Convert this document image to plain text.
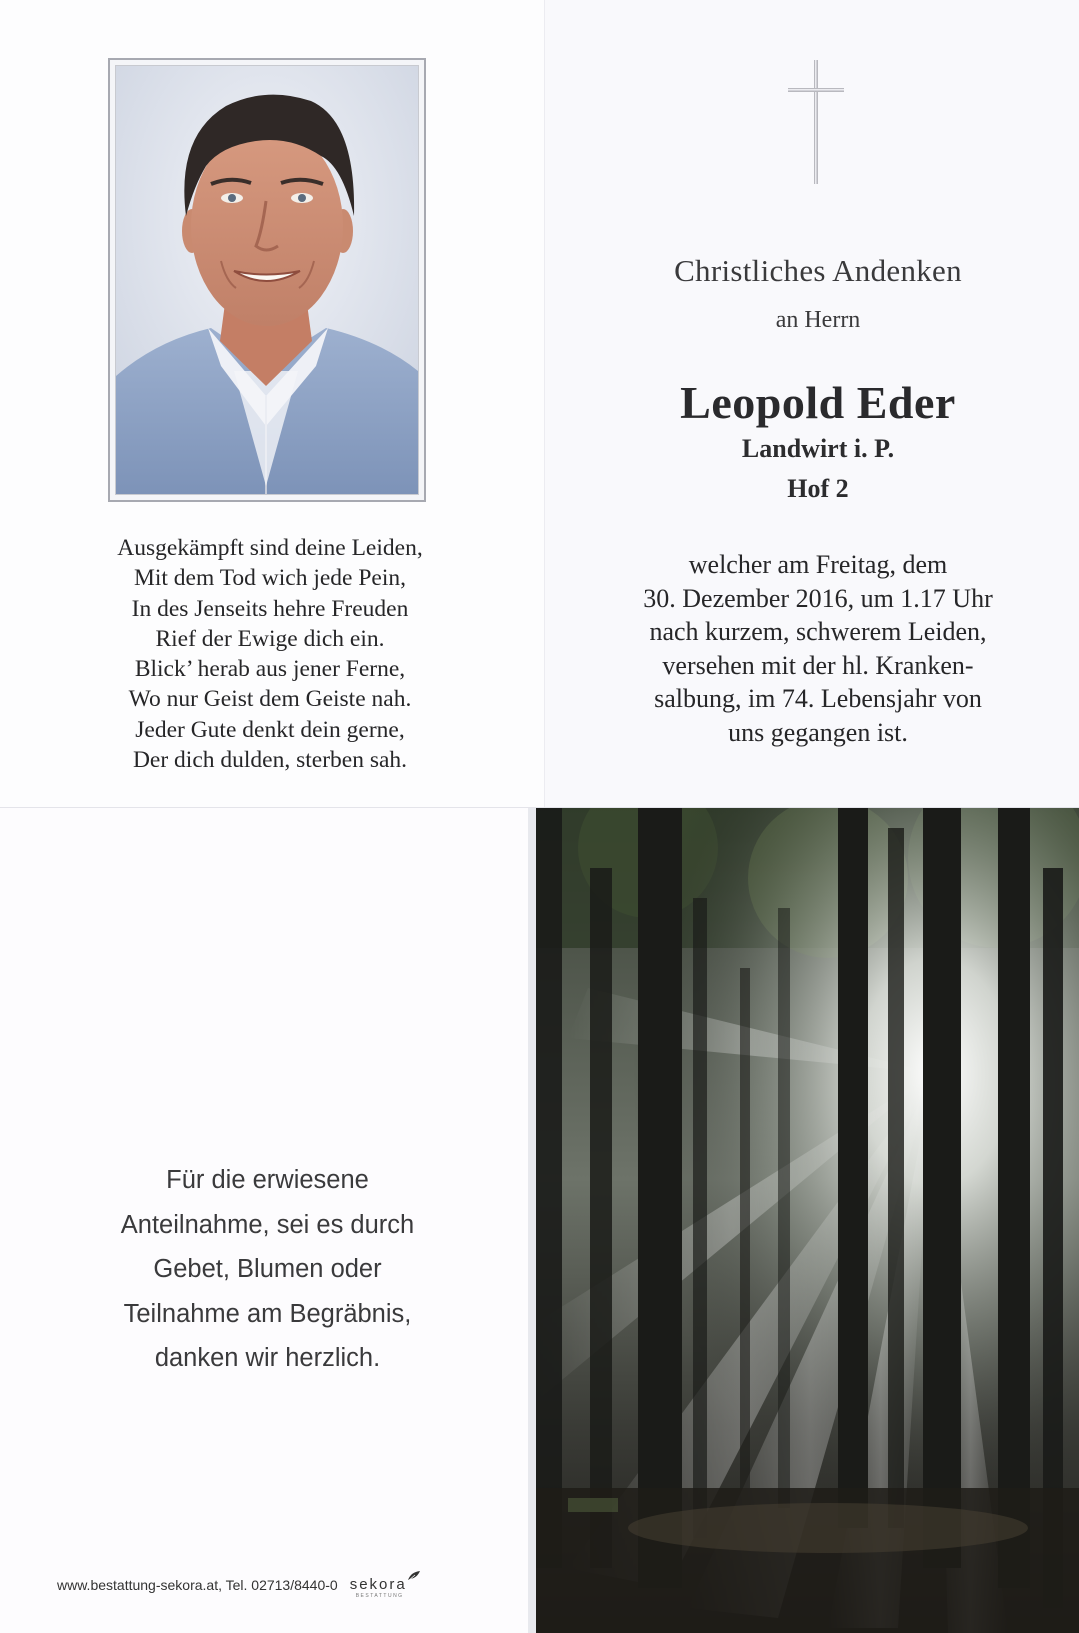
Ausgekämpft sind deine Leiden,
Mit dem Tod wich jede Pein,
In des Jenseits hehre Freuden
Rief der Ewige dich ein.
Blick’ herab aus jener Ferne,
Wo nur Geist dem Geiste nah.
Jeder Gute denkt dein gerne,
Der dich dulden, sterben sah.
Christliches Andenken
an Herrn
Leopold Eder
Landwirt i. P.
Hof 2
welcher am Freitag, dem
30. Dezember 2016, um 1.17 Uhr
nach kurzem, schwerem Leiden,
versehen mit der hl. Kranken-
salbung, im 74. Lebensjahr von
uns gegangen ist.
Für die erwiesene
Anteilnahme, sei es durch
Gebet, Blumen oder
Teilnahme am Begräbnis,
danken wir herzlich.
www.bestattung-sekora.at, Tel. 02713/8440-0 sekora
BESTATTUNG
